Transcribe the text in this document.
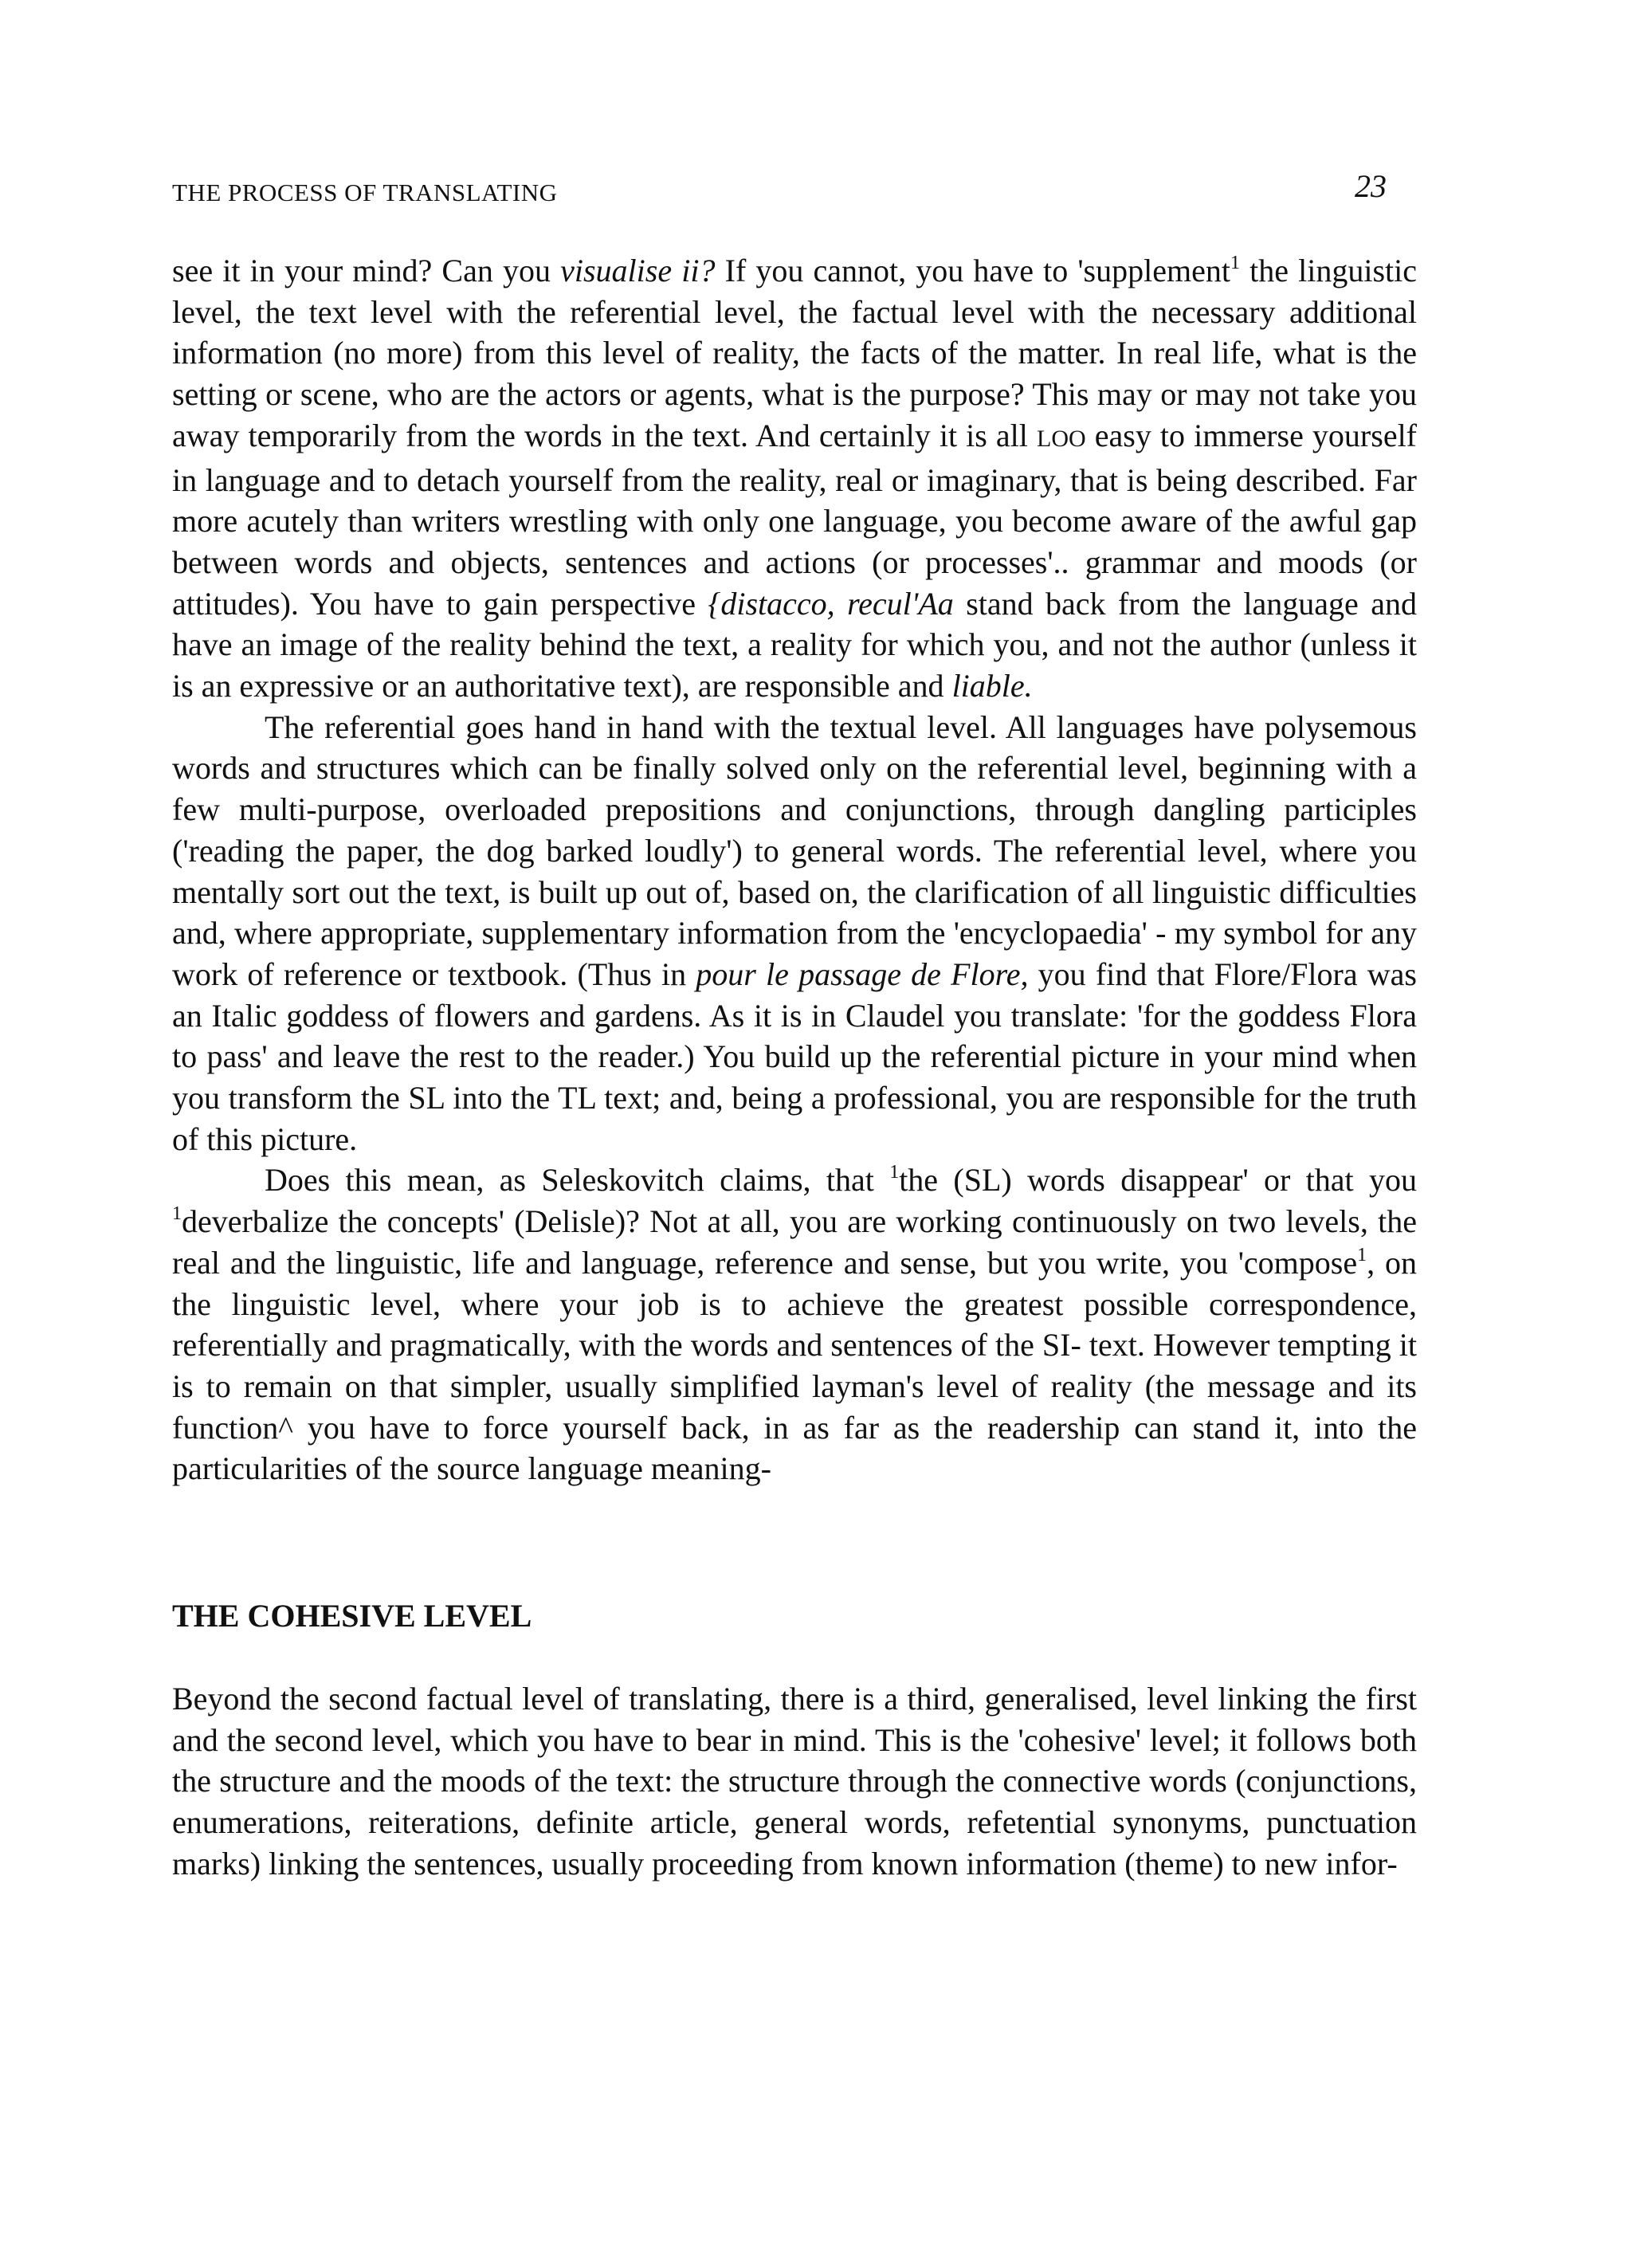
THE PROCESS OF TRANSLATING	23

see it in your mind? Can you visualise ii? If you cannot, you have to 'supplement$^1$ the linguistic level, the text level with the referential level, the factual level with the necessary additional information (no more) from this level of reality, the facts of the matter. In real life, what is the setting or scene, who are the actors or agents, what is the purpose? This may or may not take you away temporarily from the words in the text. And certainly it is all LOO easy to immerse yourself in language and to detach yourself from the reality, real or imaginary, that is being described. Far more acutely than writers wrestling with only one language, you become aware of the awful gap between words and objects, sentences and actions (or processes'.. grammar and moods (or attitudes). You have to gain perspective {distacco, recul'Aa stand back from the language and have an image of the reality behind the text, a reality for which you, and not the author (unless it is an expressive or an authoritative text), are responsible and liable.

The referential goes hand in hand with the textual level. All languages have polysemous words and structures which can be finally solved only on the referential level, beginning with a few multi-purpose, overloaded prepositions and conjunctions, through dangling participles ('reading the paper, the dog barked loudly') to general words. The referential level, where you mentally sort out the text, is built up out of, based on, the clarification of all linguistic difficulties and, where appropriate, supplementary information from the 'encyclopaedia' - my symbol for any work of reference or textbook. (Thus in pour le passage de Flore, you find that Flore/Flora was an Italic goddess of flowers and gardens. As it is in Claudel you translate: 'for the goddess Flora to pass' and leave the rest to the reader.) You build up the referential picture in your mind when you transform the SL into the TL text; and, being a professional, you are responsible for the truth of this picture.

Does this mean, as Seleskovitch claims, that $^1$the (SL) words disappear' or that you $^1$deverbalize the concepts' (Delisle)? Not at all, you are working continuously on two levels, the real and the linguistic, life and language, reference and sense, but you write, you 'compose$^1$, on the linguistic level, where your job is to achieve the greatest possible correspondence, referentially and pragmatically, with the words and sentences of the SI- text. However tempting it is to remain on that simpler, usually simplified layman's level of reality (the message and its function^ you have to force yourself back, in as far as the readership can stand it, into the particularities of the source language meaning-

THE COHESIVE LEVEL

Beyond the second factual level of translating, there is a third, generalised, level linking the first and the second level, which you have to bear in mind. This is the 'cohesive' level; it follows both the structure and the moods of the text: the structure through the connective words (conjunctions, enumerations, reiterations, definite article, general words, refetential synonyms, punctuation marks) linking the sentences, usually proceeding from known information (theme) to new infor-
